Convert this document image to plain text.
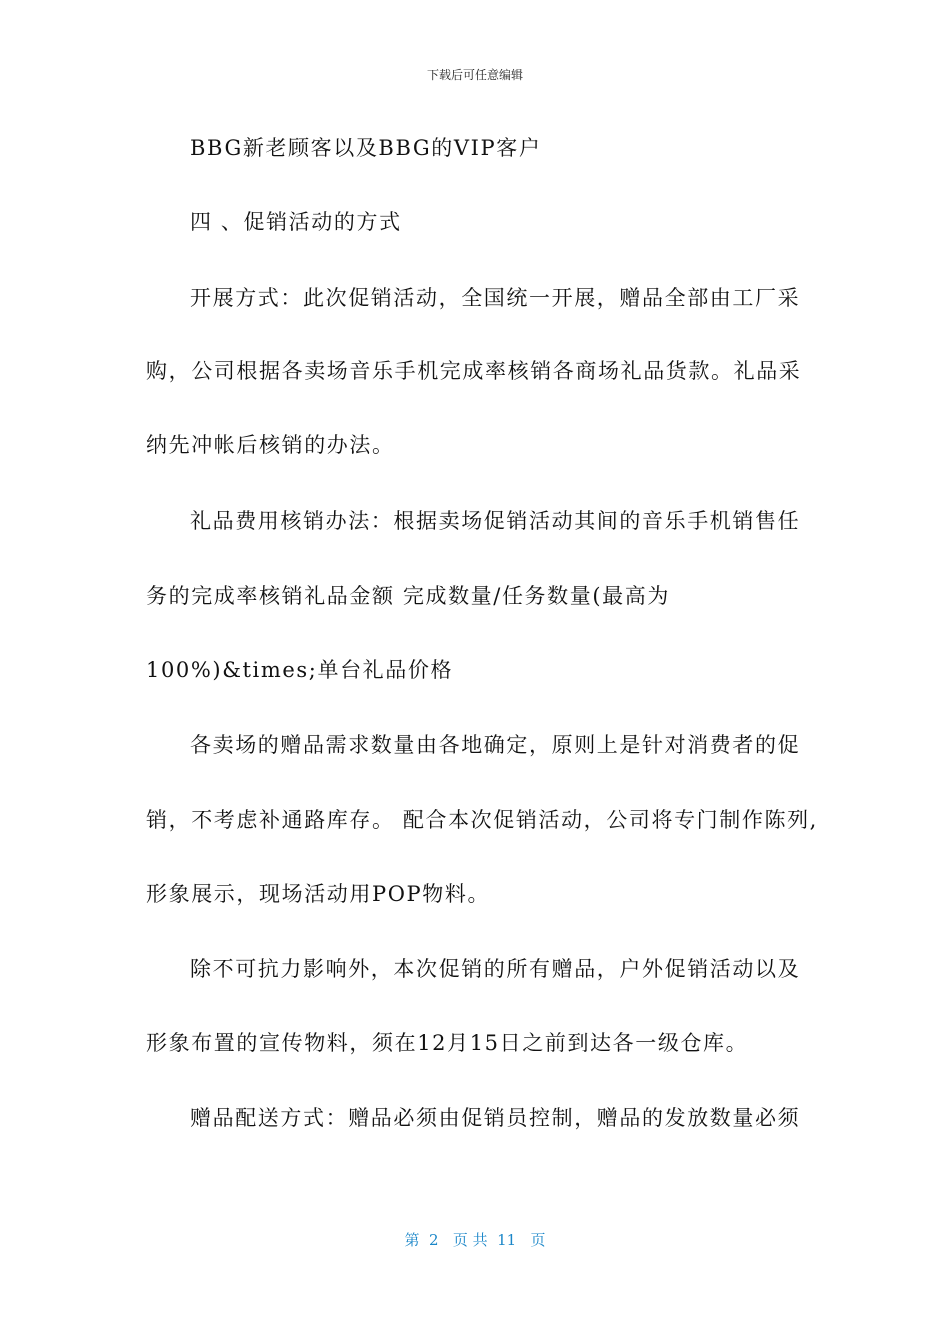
下载后可任意编辑
BBG新老顾客以及BBG的VIP客户
四 、促销活动的方式
开展方式：此次促销活动，全国统一开展，赠品全部由工厂采
购，公司根据各卖场音乐手机完成率核销各商场礼品货款。礼品采
纳先冲帐后核销的办法。
礼品费用核销办法：根据卖场促销活动其间的音乐手机销售任
务的完成率核销礼品金额 完成数量/任务数量(最高为
100%)&times;单台礼品价格
各卖场的赠品需求数量由各地确定，原则上是针对消费者的促
销，不考虑补通路库存。 配合本次促销活动，公司将专门制作陈列,
形象展示，现场活动用POP物料。
除不可抗力影响外，本次促销的所有赠品，户外促销活动以及
形象布置的宣传物料，须在12月15日之前到达各一级仓库。
赠品配送方式：赠品必须由促销员控制，赠品的发放数量必须
第  2   页 共  11   页
